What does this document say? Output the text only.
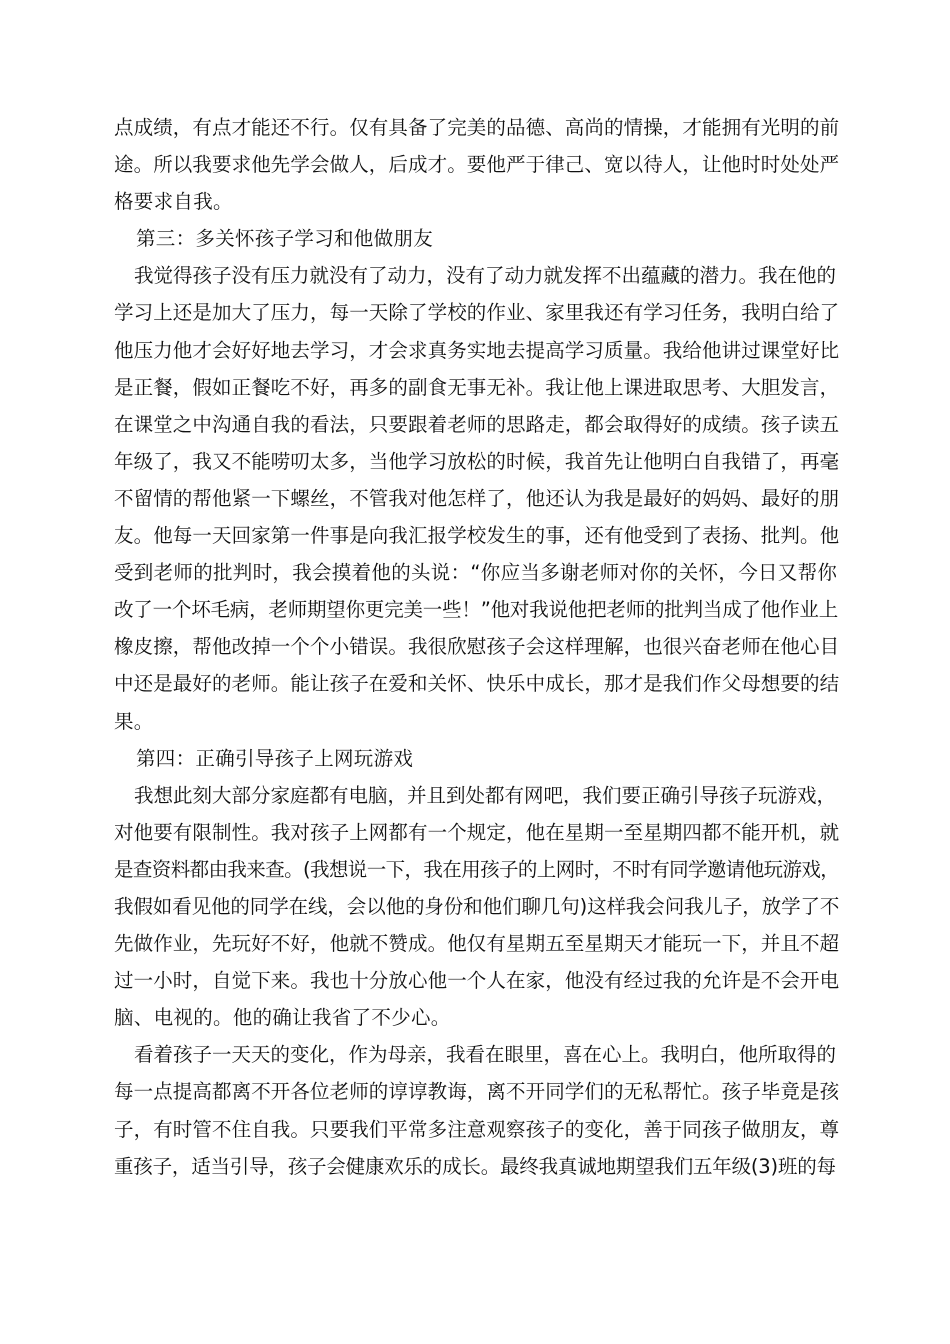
点成绩，有点才能还不行。仅有具备了完美的品德、高尚的情操，才能拥有光明的前
途。所以我要求他先学会做人，后成才。要他严于律己、宽以待人，让他时时处处严
格要求自我。
第三：多关怀孩子学习和他做朋友
我觉得孩子没有压力就没有了动力，没有了动力就发挥不出蕴藏的潜力。我在他的
学习上还是加大了压力，每一天除了学校的作业、家里我还有学习任务，我明白给了
他压力他才会好好地去学习，才会求真务实地去提高学习质量。我给他讲过课堂好比
是正餐，假如正餐吃不好，再多的副食无事无补。我让他上课进取思考、大胆发言，
在课堂之中沟通自我的看法，只要跟着老师的思路走，都会取得好的成绩。孩子读五
年级了，我又不能唠叨太多，当他学习放松的时候，我首先让他明白自我错了，再毫
不留情的帮他紧一下螺丝，不管我对他怎样了，他还认为我是最好的妈妈、最好的朋
友。他每一天回家第一件事是向我汇报学校发生的事，还有他受到了表扬、批判。他
受到老师的批判时，我会摸着他的头说：“你应当多谢老师对你的关怀，今日又帮你
改了一个坏毛病，老师期望你更完美一些！”他对我说他把老师的批判当成了他作业上
橡皮擦，帮他改掉一个个小错误。我很欣慰孩子会这样理解，也很兴奋老师在他心目
中还是最好的老师。能让孩子在爱和关怀、快乐中成长，那才是我们作父母想要的结
果。
第四：正确引导孩子上网玩游戏
我想此刻大部分家庭都有电脑，并且到处都有网吧，我们要正确引导孩子玩游戏，
对他要有限制性。我对孩子上网都有一个规定，他在星期一至星期四都不能开机，就
是查资料都由我来查。(我想说一下，我在用孩子的上网时，不时有同学邀请他玩游戏，
我假如看见他的同学在线，会以他的身份和他们聊几句)这样我会问我儿子，放学了不
先做作业，先玩好不好，他就不赞成。他仅有星期五至星期天才能玩一下，并且不超
过一小时，自觉下来。我也十分放心他一个人在家，他没有经过我的允许是不会开电
脑、电视的。他的确让我省了不少心。
看着孩子一天天的变化，作为母亲，我看在眼里，喜在心上。我明白，他所取得的
每一点提高都离不开各位老师的谆谆教诲，离不开同学们的无私帮忙。孩子毕竟是孩
子，有时管不住自我。只要我们平常多注意观察孩子的变化，善于同孩子做朋友，尊
重孩子，适当引导，孩子会健康欢乐的成长。最终我真诚地期望我们五年级(3)班的每
